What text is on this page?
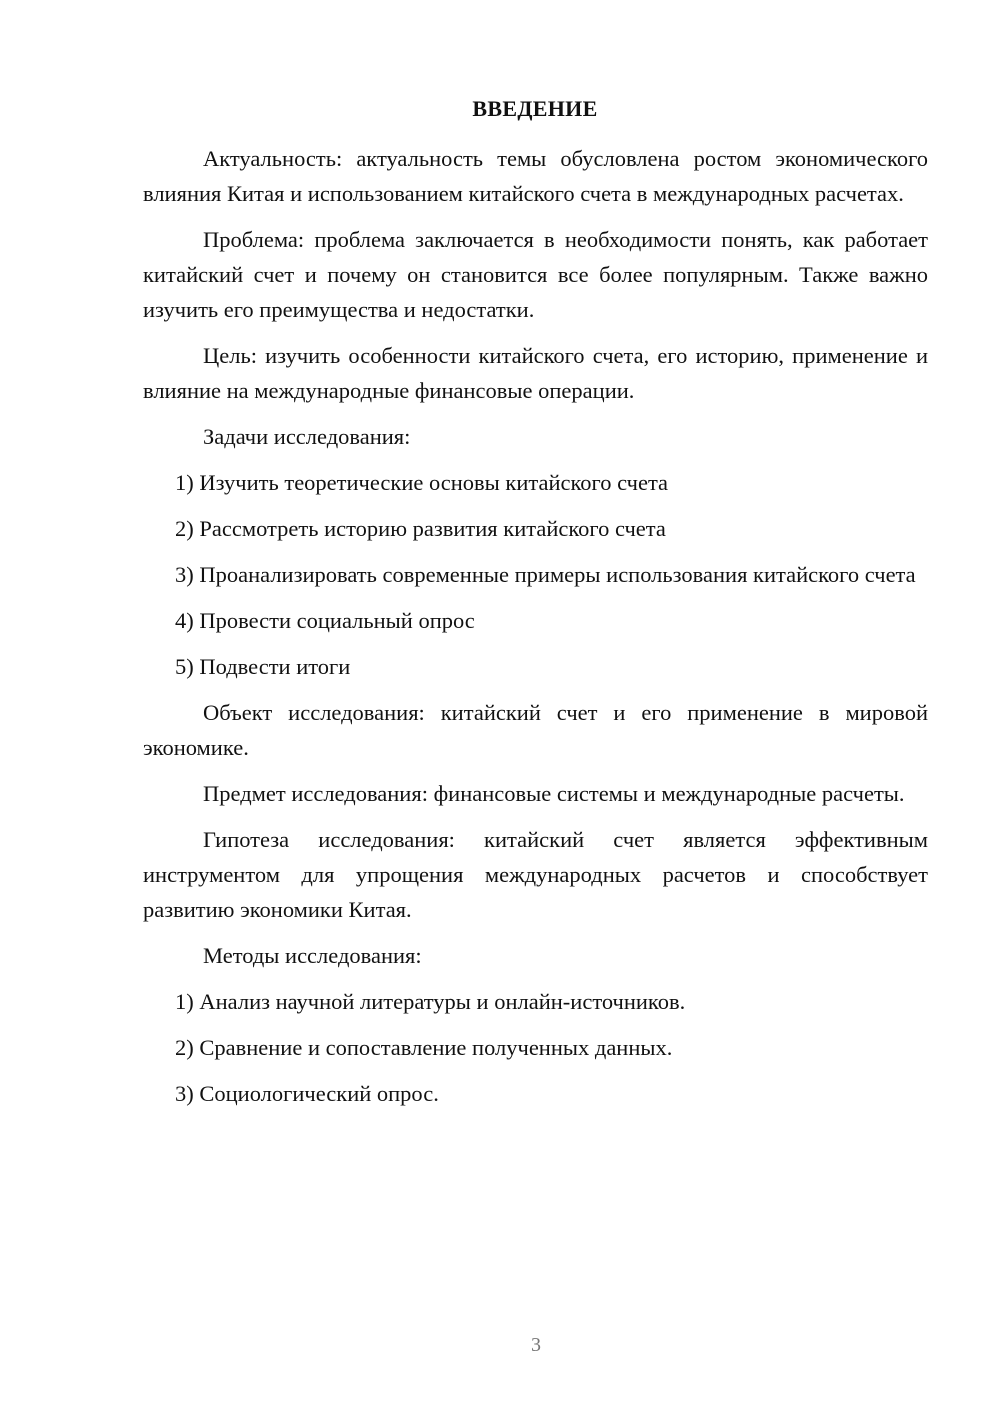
ВВЕДЕНИЕ

Актуальность: актуальность темы обусловлена ростом экономического влияния Китая и использованием китайского счета в международных расчетах.

Проблема: проблема заключается в необходимости понять, как работает китайский счет и почему он становится все более популярным. Также важно изучить его преимущества и недостатки.

Цель: изучить особенности китайского счета, его историю, применение и влияние на международные финансовые операции.

Задачи исследования:

1) Изучить теоретические основы китайского счета

2) Рассмотреть историю развития китайского счета

3) Проанализировать современные примеры использования китайского счета

4) Провести социальный опрос

5) Подвести итоги

Объект исследования: китайский счет и его применение в мировой экономике.

Предмет исследования: финансовые системы и международные расчеты.

Гипотеза исследования: китайский счет является эффективным инструментом для упрощения международных расчетов и способствует развитию экономики Китая.

Методы исследования:

1) Анализ научной литературы и онлайн-источников.

2) Сравнение и сопоставление полученных данных.

3) Социологический опрос.

3
